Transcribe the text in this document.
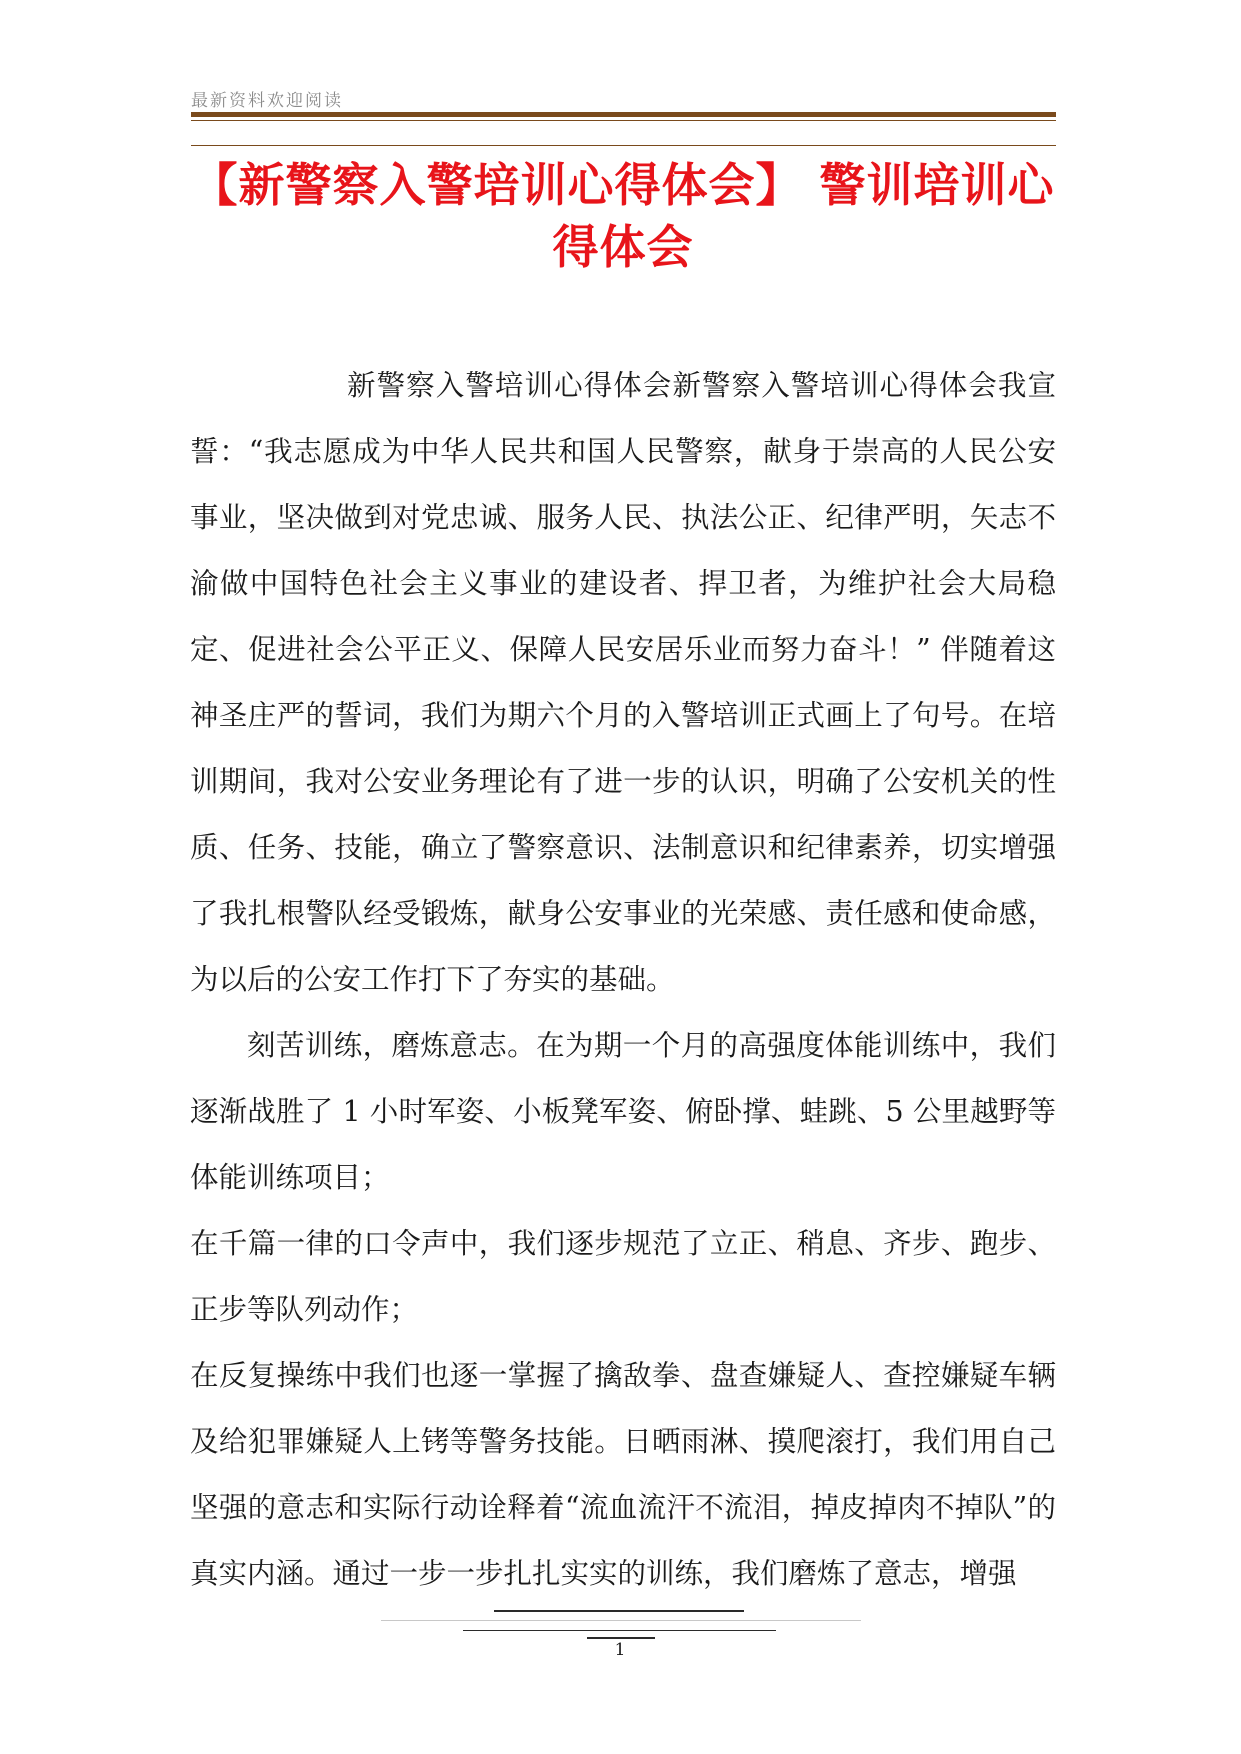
最新资料欢迎阅读
【新警察入警培训心得体会】 警训培训心得体会

新警察入警培训心得体会新警察入警培训心得体会我宣誓：“我志愿成为中华人民共和国人民警察，献身于崇高的人民公安事业，坚决做到对党忠诚、服务人民、执法公正、纪律严明，矢志不渝做中国特色社会主义事业的建设者、捍卫者，为维护社会大局稳定、促进社会公平正义、保障人民安居乐业而努力奋斗！” 伴随着这神圣庄严的誓词，我们为期六个月的入警培训正式画上了句号。在培训期间，我对公安业务理论有了进一步的认识，明确了公安机关的性质、任务、技能，确立了警察意识、法制意识和纪律素养，切实增强了我扎根警队经受锻炼，献身公安事业的光荣感、责任感和使命感，为以后的公安工作打下了夯实的基础。

刻苦训练，磨炼意志。在为期一个月的高强度体能训练中，我们逐渐战胜了 1 小时军姿、小板凳军姿、俯卧撑、蛙跳、5 公里越野等体能训练项目；

在千篇一律的口令声中，我们逐步规范了立正、稍息、齐步、跑步、正步等队列动作；

在反复操练中我们也逐一掌握了擒敌拳、盘查嫌疑人、查控嫌疑车辆及给犯罪嫌疑人上铐等警务技能。日晒雨淋、摸爬滚打，我们用自己坚强的意志和实际行动诠释着“流血流汗不流泪，掉皮掉肉不掉队”的真实内涵。通过一步一步扎扎实实的训练，我们磨炼了意志，增强

1
